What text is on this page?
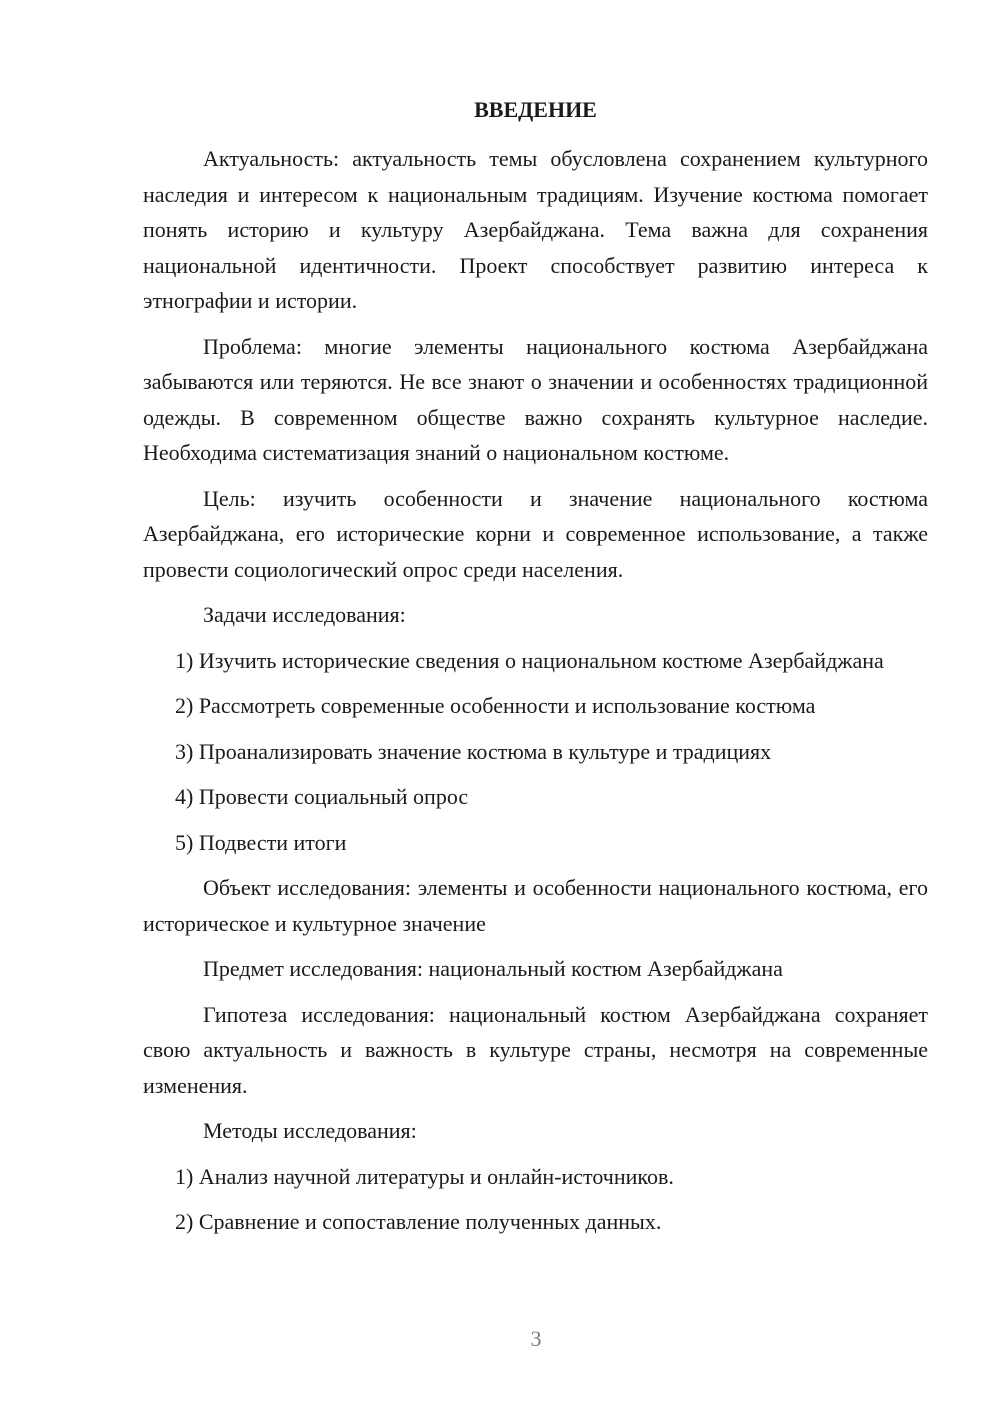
ВВЕДЕНИЕ

Актуальность: актуальность темы обусловлена сохранением культурного наследия и интересом к национальным традициям. Изучение костюма помогает понять историю и культуру Азербайджана. Тема важна для сохранения национальной идентичности. Проект способствует развитию интереса к этнографии и истории.

Проблема: многие элементы национального костюма Азербайджана забываются или теряются. Не все знают о значении и особенностях традиционной одежды. В современном обществе важно сохранять культурное наследие. Необходима систематизация знаний о национальном костюме.

Цель: изучить особенности и значение национального костюма Азербайджана, его исторические корни и современное использование, а также провести социологический опрос среди населения.

Задачи исследования:

1) Изучить исторические сведения о национальном костюме Азербайджана

2) Рассмотреть современные особенности и использование костюма

3) Проанализировать значение костюма в культуре и традициях

4) Провести социальный опрос

5) Подвести итоги

Объект исследования: элементы и особенности национального костюма, его историческое и культурное значение

Предмет исследования: национальный костюм Азербайджана

Гипотеза исследования: национальный костюм Азербайджана сохраняет свою актуальность и важность в культуре страны, несмотря на современные изменения.

Методы исследования:

1) Анализ научной литературы и онлайн-источников.

2) Сравнение и сопоставление полученных данных.

3
